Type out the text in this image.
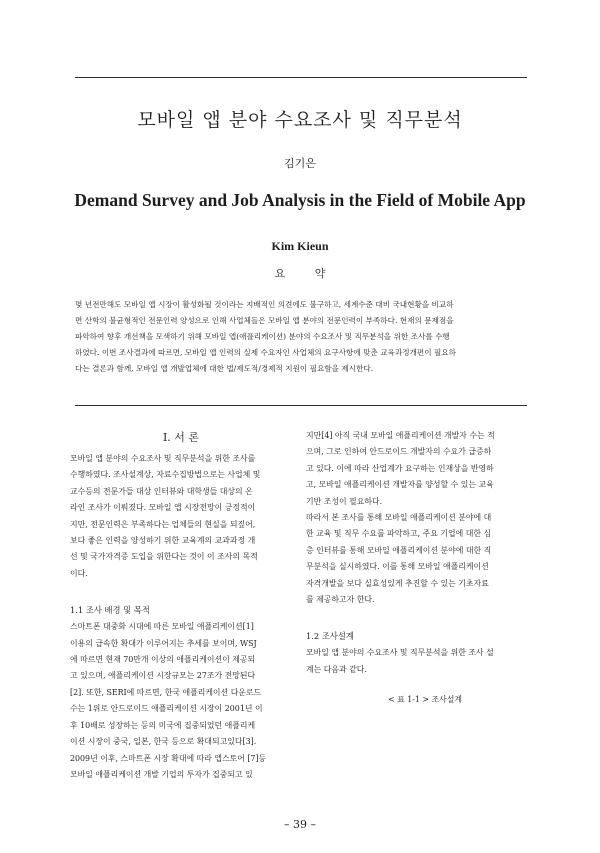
모바일 앱 분야 수요조사 및 직무분석
김기은
Demand Survey and Job Analysis in the Field of Mobile App
Kim Kieun
요 약
몇 년전만해도 모바일 앱 시장이 활성화될 것이라는 지배적인 의견에도 불구하고, 세계수준 대비 국내현황을 비교하
면 산학의 불균형적인 전문인력 양성으로 인해 사업체들은 모바일 앱 분야의 전문인력이 부족하다. 현재의 문제점을
파악하여 향후 개선책을 모색하기 위해 모바일 앱(애플리케이션) 분야의 수요조사 및 직무분석을 위한 조사를 수행
하였다. 이번 조사결과에 따르면, 모바일 앱 인력의 실제 수요자인 사업체의 요구사항에 맞춘 교육과정개편이 필요하
다는 결론과 함께, 모바일 앱 개발업체에 대한 법/제도적/경제적 지원이 필요함을 제시한다.
Ⅰ. 서 론
모바일 앱 분야의 수요조사 및 직무분석을 위한 조사를
수행하였다. 조사설계상, 자료수집방법으로는 사업체 및
교수등의 전문가들 대상 인터뷰와 대학생들 대상의 온
라인 조사가 이뤄졌다. 모바일 앱 시장전망이 긍정적이
지만, 전문인력은 부족하다는 업체들의 현실을 되짚어,
보다 좋은 인력을 양성하기 위한 교육계의 교과과정 개
선 및 국가자격증 도입을 위한다는 것이 이 조사의 목적
이다.
1.1 조사 배경 및 목적
스마트폰 대중화 시대에 따른 모바일 애플리케이션[1]
이용의 급속한 확대가 이루어지는 추세를 보이며, WSJ
에 따르면 현재 70만개 이상의 애플리케이션이 제공되
고 있으며, 애플리케이션 시장규모는 27조가 전망된다
[2]. 또한, SERI에 따르면, 한국 애플리케이션 다운로드
수는 1위로 안드로이드 애플리케이션 시장이 2001년 이
후 10배로 성장하는 등의 미국에 집중되었던 애플리케
이션 시장이 중국, 일본, 한국 등으로 확대되고있다[3].
2009년 이후, 스마트폰 시장 확대에 따라 앱스토어 [7]등
모바일 애플리케이션 개발 기업의 투자가 집중되고 있
지만[4] 아직 국내 모바일 애플리케이션 개발자 수는 적
으며, 그로 인하여 안드로이드 개발자의 수요가 급증하
고 있다. 이에 따라 산업계가 요구하는 인재상을 반영하
고, 모바일 애플리케이션 개발자를 양성할 수 있는 교육
기반 조성이 필요하다.
따라서 본 조사를 통해 모바일 애플리케이션 분야에 대
한 교육 및 직무 수요를 파악하고, 주요 기업에 대한 심
층 인터뷰를 통해 모바일 애플리케이션 분야에 대한 직
무분석을 실시하였다. 이를 통해 모바일 애플리케이션
자격개발을 보다 실효성있게 추진할 수 있는 기초자료
를 제공하고자 한다.
1.2 조사설계
모바일 앱 분야의 수요조사 및 직무분석을 위한 조사 설
계는 다음과 같다.
< 표 1-1 > 조사설계
– 39 –
